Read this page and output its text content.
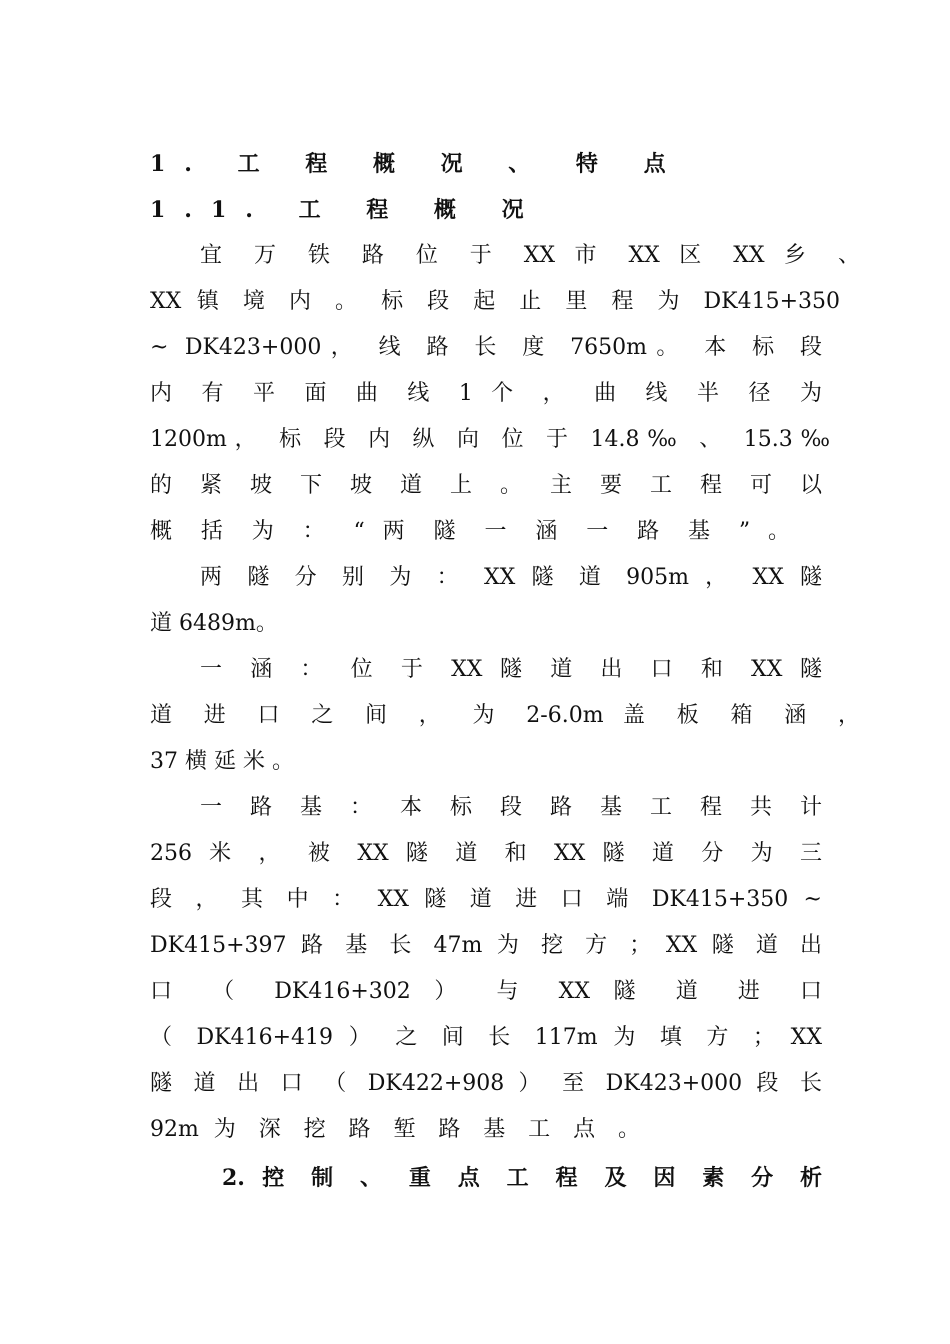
1. 工 程 概 况 、 特 点
1.1. 工 程 概 况
宜 万 铁 路 位 于 XX 市 XX 区 XX 乡 、
XX 镇 境 内 。 标 段 起 止 里 程 为 DK415+350
~ DK423+000， 线 路 长 度 7650m。 本 标 段
内 有 平 面 曲 线 1 个 ， 曲 线 半 径 为
1200m， 标 段 内 纵 向 位 于 14.8‰ 、 15.3‰
的 紧 坡 下 坡 道 上 。 主 要 工 程 可 以
概 括 为 ： “ 两 隧 一 涵 一 路 基 ” 。
两 隧 分 别 为 ： XX 隧 道 905m ， XX 隧
道 6489m。
一 涵 ： 位 于 XX 隧 道 出 口 和 XX 隧
道 进 口 之 间 ， 为 2-6.0m 盖 板 箱 涵 ，
37 横 延 米 。
一 路 基 ： 本 标 段 路 基 工 程 共 计
256 米 ， 被 XX 隧 道 和 XX 隧 道 分 为 三
段 ， 其 中 ： XX 隧 道 进 口 端 DK415+350 ~
DK415+397 路 基 长 47m 为 挖 方 ； XX 隧 道 出
口 （ DK416+302 ） 与 XX 隧 道 进 口
（ DK416+419 ） 之 间 长 117m 为 填 方 ； XX
隧 道 出 口 （ DK422+908 ） 至 DK423+000 段 长
92m 为 深 挖 路 堑 路 基 工 点 。
2. 控 制 、 重 点 工 程 及 因 素 分 析
